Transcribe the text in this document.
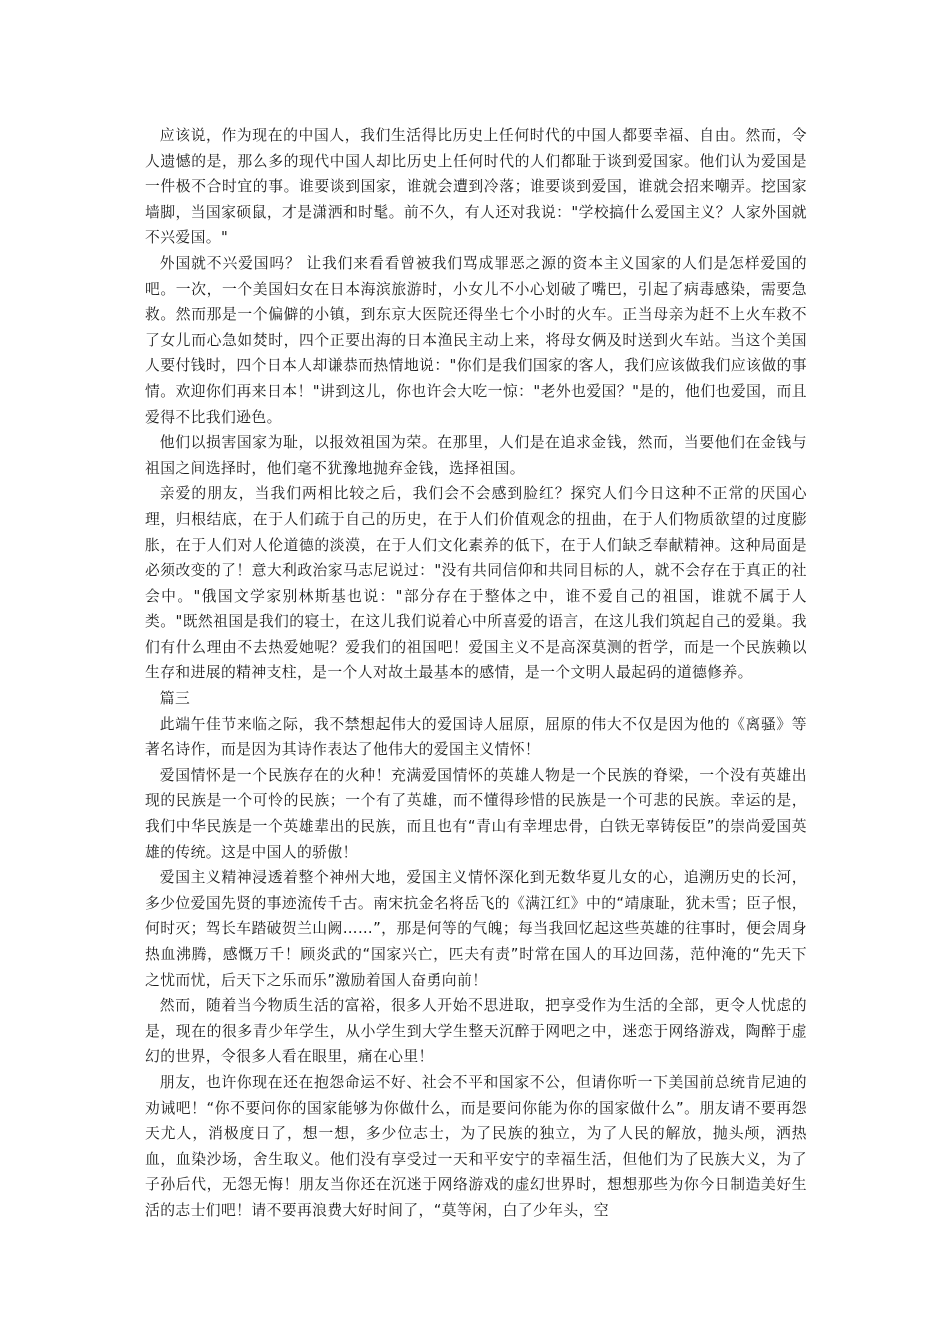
应该说，作为现在的中国人，我们生活得比历史上任何时代的中国人都要幸福、自由。然而，令人遗憾的是，那么多的现代中国人却比历史上任何时代的人们都耻于谈到爱国家。他们认为爱国是一件极不合时宜的事。谁要谈到国家，谁就会遭到冷落；谁要谈到爱国，谁就会招来嘲弄。挖国家墙脚，当国家硕鼠，才是潇洒和时髦。前不久，有人还对我说："学校搞什么爱国主义？人家外国就不兴爱国。"

外国就不兴爱国吗？ 让我们来看看曾被我们骂成罪恶之源的资本主义国家的人们是怎样爱国的吧。一次，一个美国妇女在日本海滨旅游时，小女儿不小心划破了嘴巴，引起了病毒感染，需要急救。然而那是一个偏僻的小镇，到东京大医院还得坐七个小时的火车。正当母亲为赶不上火车救不了女儿而心急如焚时，四个正要出海的日本渔民主动上来，将母女俩及时送到火车站。当这个美国人要付钱时，四个日本人却谦恭而热情地说："你们是我们国家的客人，我们应该做我们应该做的事情。欢迎你们再来日本！"讲到这儿，你也许会大吃一惊："老外也爱国？"是的，他们也爱国，而且爱得不比我们逊色。

他们以损害国家为耻，以报效祖国为荣。在那里，人们是在追求金钱，然而，当要他们在金钱与祖国之间选择时，他们毫不犹豫地抛弃金钱，选择祖国。

亲爱的朋友，当我们两相比较之后，我们会不会感到脸红？探究人们今日这种不正常的厌国心理，归根结底，在于人们疏于自己的历史，在于人们价值观念的扭曲，在于人们物质欲望的过度膨胀，在于人们对人伦道德的淡漠，在于人们文化素养的低下，在于人们缺乏奉献精神。这种局面是必须改变的了！意大利政治家马志尼说过："没有共同信仰和共同目标的人，就不会存在于真正的社会中。"俄国文学家别林斯基也说："部分存在于整体之中，谁不爱自己的祖国，谁就不属于人类。"既然祖国是我们的寝士，在这儿我们说着心中所喜爱的语言，在这儿我们筑起自己的爱巢。我们有什么理由不去热爱她呢？爱我们的祖国吧！爱国主义不是高深莫测的哲学，而是一个民族赖以生存和进展的精神支柱，是一个人对故土最基本的感情，是一个文明人最起码的道德修养。

篇三

此端午佳节来临之际，我不禁想起伟大的爱国诗人屈原，屈原的伟大不仅是因为他的《离骚》等著名诗作，而是因为其诗作表达了他伟大的爱国主义情怀！

爱国情怀是一个民族存在的火种！充满爱国情怀的英雄人物是一个民族的脊梁，一个没有英雄出现的民族是一个可怜的民族；一个有了英雄，而不懂得珍惜的民族是一个可悲的民族。幸运的是，我们中华民族是一个英雄辈出的民族，而且也有“青山有幸埋忠骨，白铁无辜铸佞臣”的崇尚爱国英雄的传统。这是中国人的骄傲！

爱国主义精神浸透着整个神州大地，爱国主义情怀深化到无数华夏儿女的心，追溯历史的长河，多少位爱国先贤的事迹流传千古。南宋抗金名将岳飞的《满江红》中的“靖康耻，犹未雪；臣子恨，何时灭；驾长车踏破贺兰山阙……”，那是何等的气魄；每当我回忆起这些英雄的往事时，便会周身热血沸腾，感慨万千！顾炎武的“国家兴亡，匹夫有责”时常在国人的耳边回荡，范仲淹的“先天下之忧而忧，后天下之乐而乐”激励着国人奋勇向前！

然而，随着当今物质生活的富裕，很多人开始不思进取，把享受作为生活的全部，更令人忧虑的是，现在的很多青少年学生，从小学生到大学生整天沉醉于网吧之中，迷恋于网络游戏，陶醉于虚幻的世界，令很多人看在眼里，痛在心里！

朋友，也许你现在还在抱怨命运不好、社会不平和国家不公，但请你听一下美国前总统肯尼迪的劝诫吧！“你不要问你的国家能够为你做什么，而是要问你能为你的国家做什么”。朋友请不要再怨天尤人，消极度日了，想一想，多少位志士，为了民族的独立，为了人民的解放，抛头颅，洒热血，血染沙场，舍生取义。他们没有享受过一天和平安宁的幸福生活，但他们为了民族大义，为了子孙后代，无怨无悔！朋友当你还在沉迷于网络游戏的虚幻世界时，想想那些为你今日制造美好生活的志士们吧！请不要再浪费大好时间了，“莫等闲，白了少年头，空
